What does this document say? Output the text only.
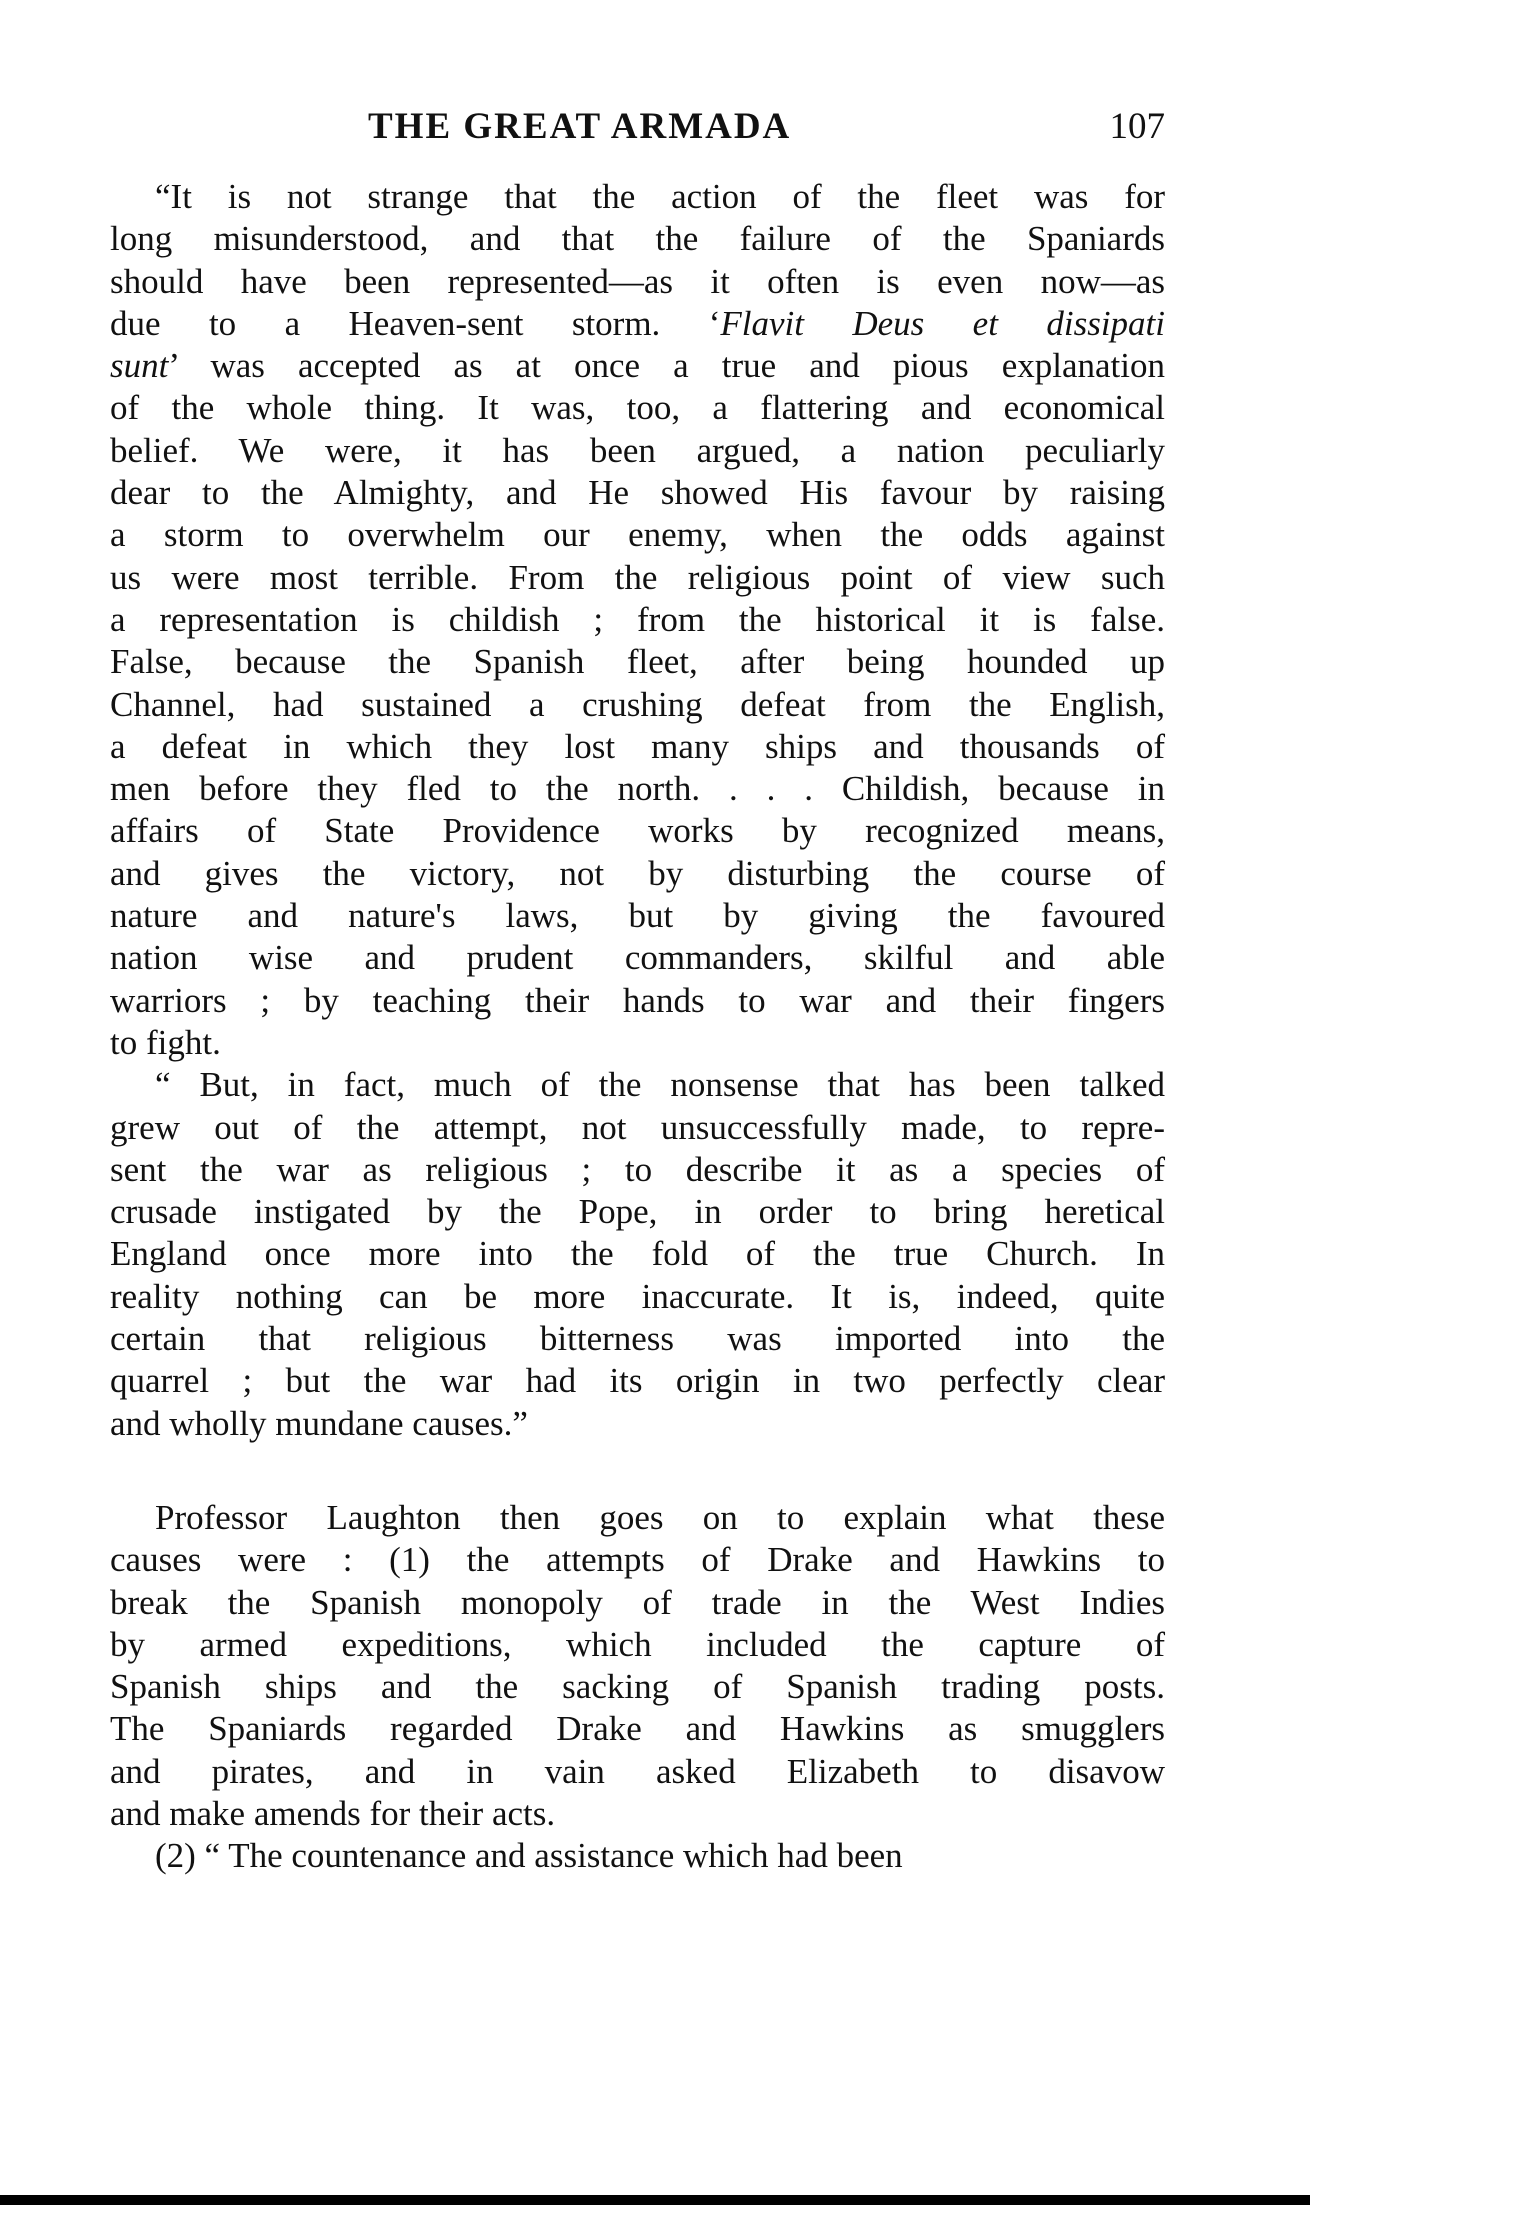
THE GREAT ARMADA	107
“It is not strange that the action of the fleet was for
long misunderstood, and that the failure of the Spaniards
should have been represented—as it often is even now—as
due to a Heaven-sent storm. ‘Flavit Deus et dissipati
sunt’ was accepted as at once a true and pious explanation
of the whole thing. It was, too, a flattering and economical
belief. We were, it has been argued, a nation peculiarly
dear to the Almighty, and He showed His favour by raising
a storm to overwhelm our enemy, when the odds against
us were most terrible. From the religious point of view such
a representation is childish ; from the historical it is false.
False, because the Spanish fleet, after being hounded up
Channel, had sustained a crushing defeat from the English,
a defeat in which they lost many ships and thousands of
men before they fled to the north. . . . Childish, because in
affairs of State Providence works by recognized means,
and gives the victory, not by disturbing the course of
nature and nature's laws, but by giving the favoured
nation wise and prudent commanders, skilful and able
warriors ; by teaching their hands to war and their fingers
to fight.
“ But, in fact, much of the nonsense that has been talked
grew out of the attempt, not unsuccessfully made, to repre-
sent the war as religious ; to describe it as a species of
crusade instigated by the Pope, in order to bring heretical
England once more into the fold of the true Church. In
reality nothing can be more inaccurate. It is, indeed, quite
certain that religious bitterness was imported into the
quarrel ; but the war had its origin in two perfectly clear
and wholly mundane causes.”
Professor Laughton then goes on to explain what these
causes were : (1) the attempts of Drake and Hawkins to
break the Spanish monopoly of trade in the West Indies
by armed expeditions, which included the capture of
Spanish ships and the sacking of Spanish trading posts.
The Spaniards regarded Drake and Hawkins as smugglers
and pirates, and in vain asked Elizabeth to disavow
and make amends for their acts.
(2) “ The countenance and assistance which had been
